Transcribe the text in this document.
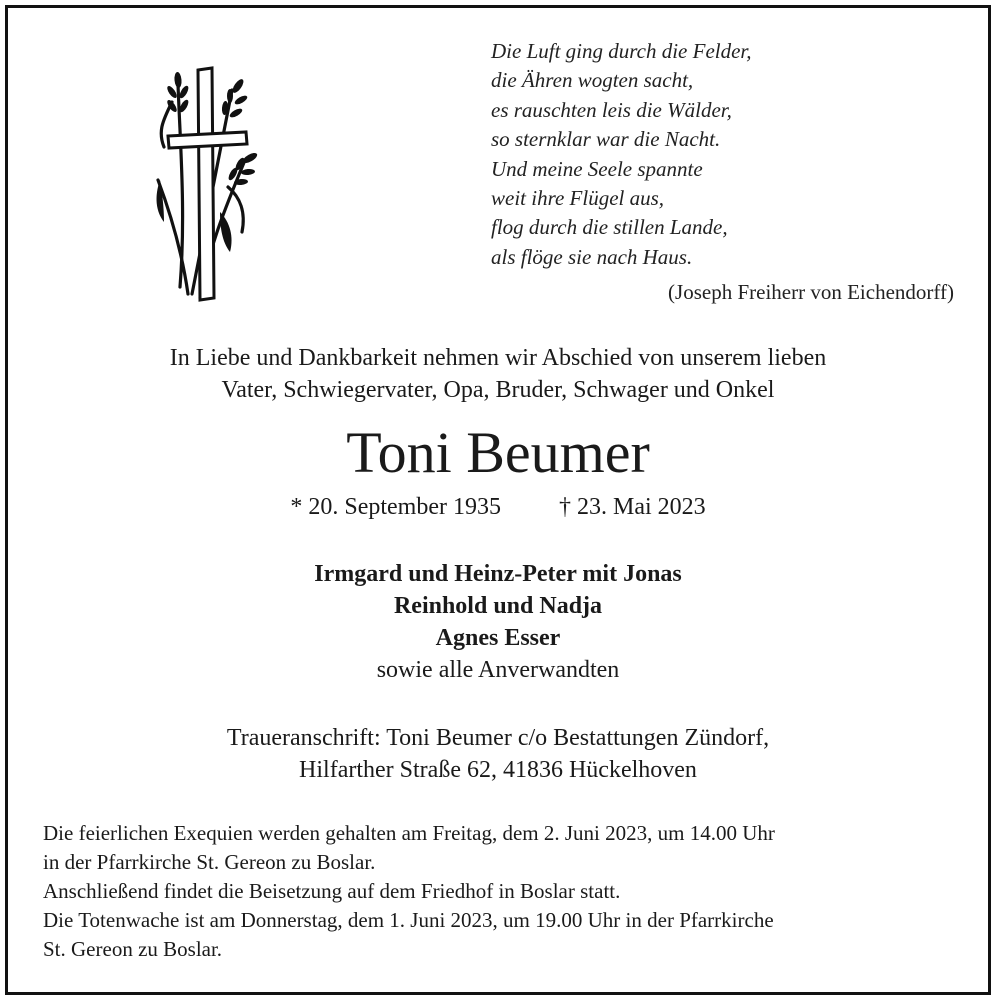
Die Luft ging durch die Felder,
die Ähren wogten sacht,
es rauschten leis die Wälder,
so sternklar war die Nacht.
Und meine Seele spannte
weit ihre Flügel aus,
flog durch die stillen Lande,
als flöge sie nach Haus.
(Joseph Freiherr von Eichendorff)
In Liebe und Dankbarkeit nehmen wir Abschied von unserem lieben
Vater, Schwiegervater, Opa, Bruder, Schwager und Onkel
Toni Beumer
* 20. September 1935 † 23. Mai 2023
Irmgard und Heinz-Peter mit Jonas
Reinhold und Nadja
Agnes Esser
sowie alle Anverwandten
Traueranschrift: Toni Beumer c/o Bestattungen Zündorf,
Hilfarther Straße 62, 41836 Hückelhoven
Die feierlichen Exequien werden gehalten am Freitag, dem 2. Juni 2023, um 14.00 Uhr
in der Pfarrkirche St. Gereon zu Boslar.
Anschließend findet die Beisetzung auf dem Friedhof in Boslar statt.
Die Totenwache ist am Donnerstag, dem 1. Juni 2023, um 19.00 Uhr in der Pfarrkirche
St. Gereon zu Boslar.
